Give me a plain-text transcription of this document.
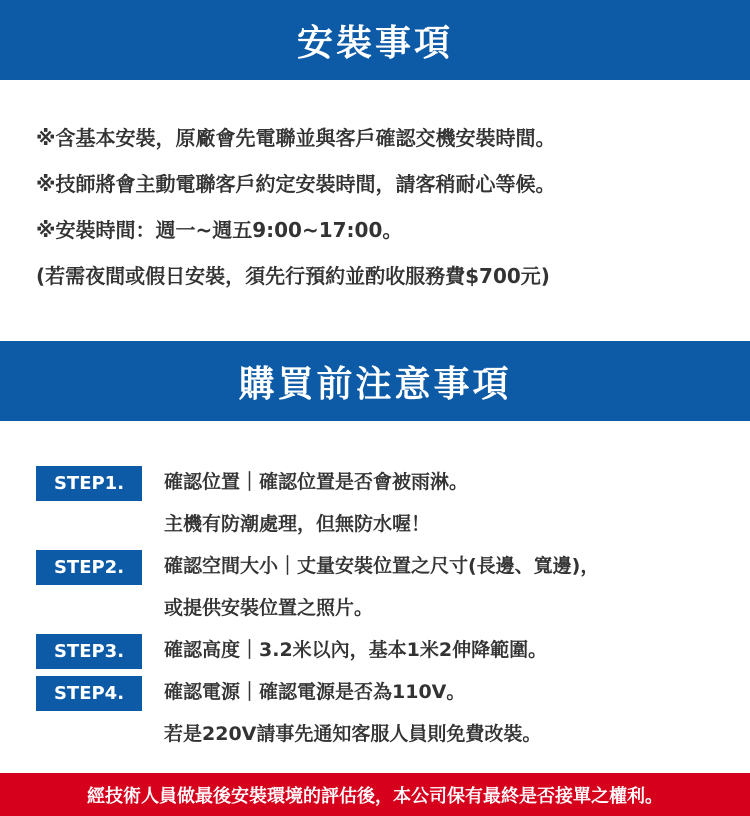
安裝事項
※含基本安裝，原廠會先電聯並與客戶確認交機安裝時間。
※技師將會主動電聯客戶約定安裝時間，請客稍耐心等候。
※安裝時間：週一~週五9:00~17:00。
(若需夜間或假日安裝，須先行預約並酌收服務費$700元)
購買前注意事項
STEP1.	確認位置｜確認位置是否會被雨淋。
主機有防潮處理，但無防水喔！
STEP2.	確認空間大小｜丈量安裝位置之尺寸(長邊、寬邊)，
或提供安裝位置之照片。
STEP3.	確認高度｜3.2米以內，基本1米2伸降範圍。
STEP4.	確認電源｜確認電源是否為110V。
若是220V請事先通知客服人員則免費改裝。
經技術人員做最後安裝環境的評估後，本公司保有最終是否接單之權利。
